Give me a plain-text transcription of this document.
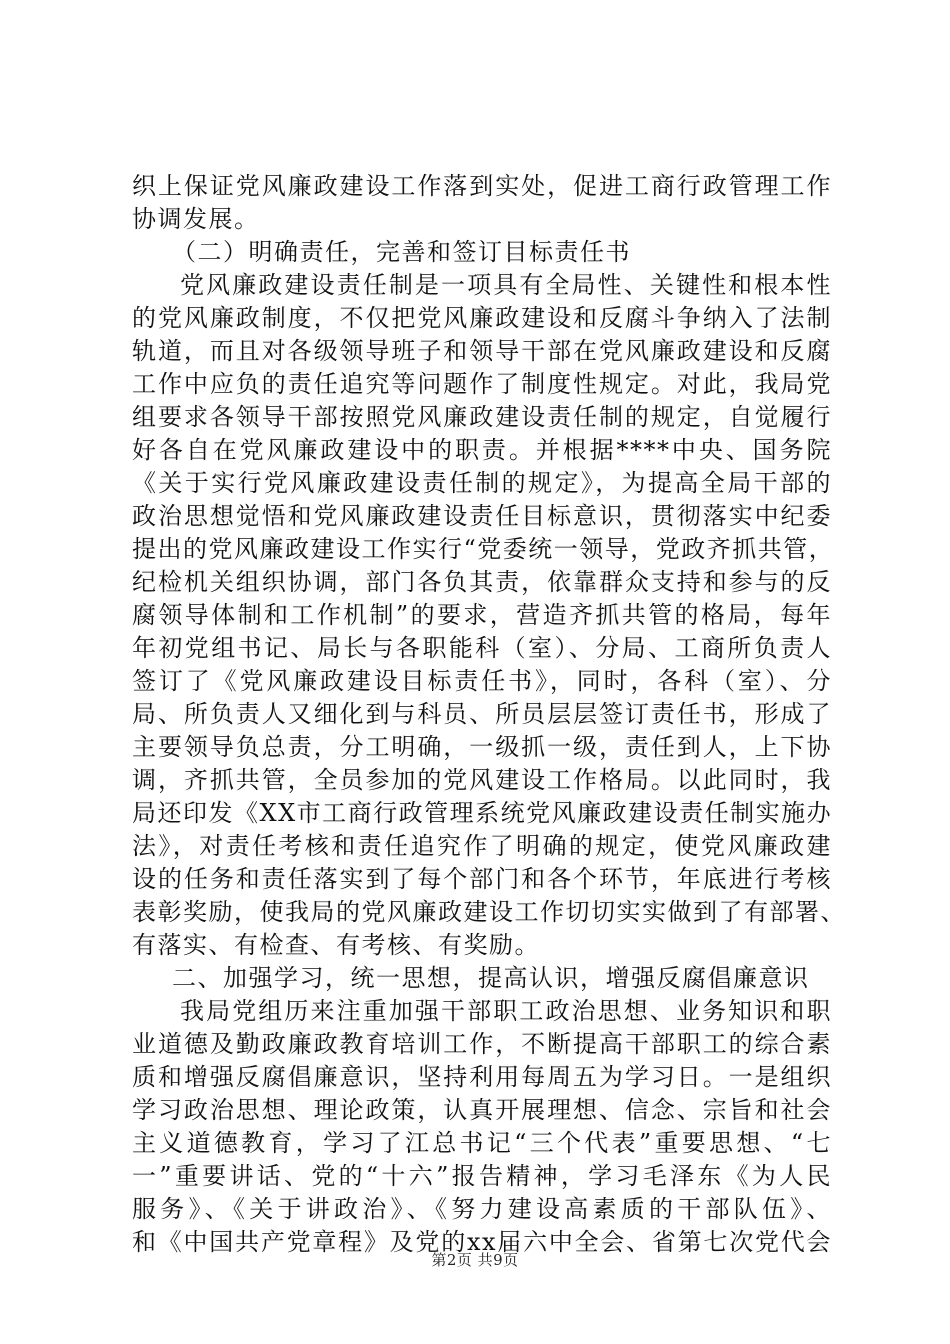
织上保证党风廉政建设工作落到实处，促进工商行政管理工作
协调发展。
（二）明确责任，完善和签订目标责任书
党风廉政建设责任制是一项具有全局性、关键性和根本性
的党风廉政制度，不仅把党风廉政建设和反腐斗争纳入了法制
轨道，而且对各级领导班子和领导干部在党风廉政建设和反腐
工作中应负的责任追究等问题作了制度性规定。对此，我局党
组要求各领导干部按照党风廉政建设责任制的规定，自觉履行
好各自在党风廉政建设中的职责。并根据****中央、国务院
《关于实行党风廉政建设责任制的规定》，为提高全局干部的
政治思想觉悟和党风廉政建设责任目标意识，贯彻落实中纪委
提出的党风廉政建设工作实行“党委统一领导，党政齐抓共管，
纪检机关组织协调，部门各负其责，依靠群众支持和参与的反
腐领导体制和工作机制”的要求，营造齐抓共管的格局，每年
年初党组书记、局长与各职能科（室）、分局、工商所负责人
签订了《党风廉政建设目标责任书》，同时，各科（室）、分
局、所负责人又细化到与科员、所员层层签订责任书，形成了
主要领导负总责，分工明确，一级抓一级，责任到人，上下协
调，齐抓共管，全员参加的党风建设工作格局。以此同时，我
局还印发《XX市工商行政管理系统党风廉政建设责任制实施办
法》，对责任考核和责任追究作了明确的规定，使党风廉政建
设的任务和责任落实到了每个部门和各个环节，年底进行考核
表彰奖励，使我局的党风廉政建设工作切切实实做到了有部署、
有落实、有检查、有考核、有奖励。
二、加强学习，统一思想，提高认识，增强反腐倡廉意识
我局党组历来注重加强干部职工政治思想、业务知识和职
业道德及勤政廉政教育培训工作，不断提高干部职工的综合素
质和增强反腐倡廉意识，坚持利用每周五为学习日。一是组织
学习政治思想、理论政策，认真开展理想、信念、宗旨和社会
主义道德教育，学习了江总书记“三个代表”重要思想、“七
一”重要讲话、党的“十六”报告精神，学习毛泽东《为人民
服务》、《关于讲政治》、《努力建设高素质的干部队伍》、
和《中国共产党章程》及党的xx届六中全会、省第七次党代会
第2页 共9页
